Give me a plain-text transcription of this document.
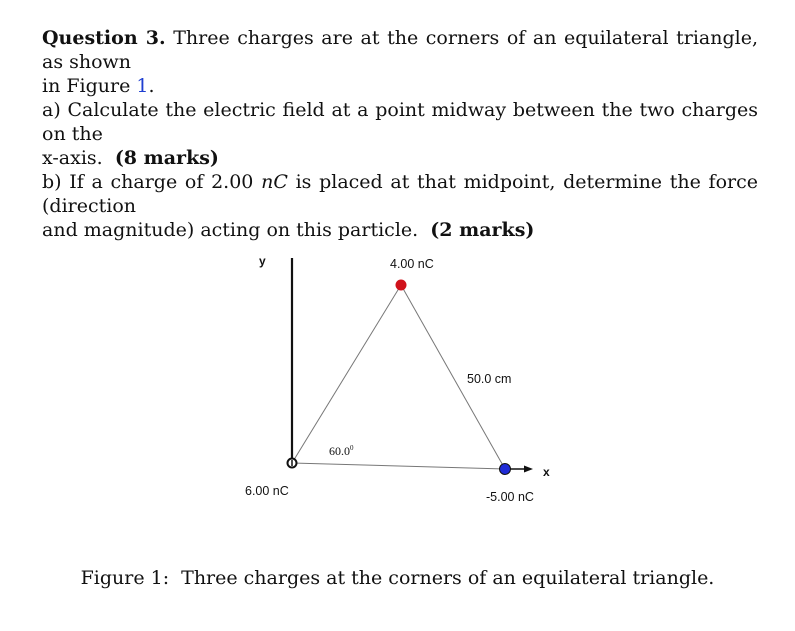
Question 3. Three charges are at the corners of an equilateral triangle, as shown
in Figure 1.
a) Calculate the electric field at a point midway between the two charges on the
x-axis. (8 marks)
b) If a charge of 2.00 nC is placed at that midpoint, determine the force (direction
and magnitude) acting on this particle. (2 marks)
y
x
4.00 nC
50.0 cm
60.0$^0$
6.00 nC	-5.00 nC
Figure 1: Three charges at the corners of an equilateral triangle.
